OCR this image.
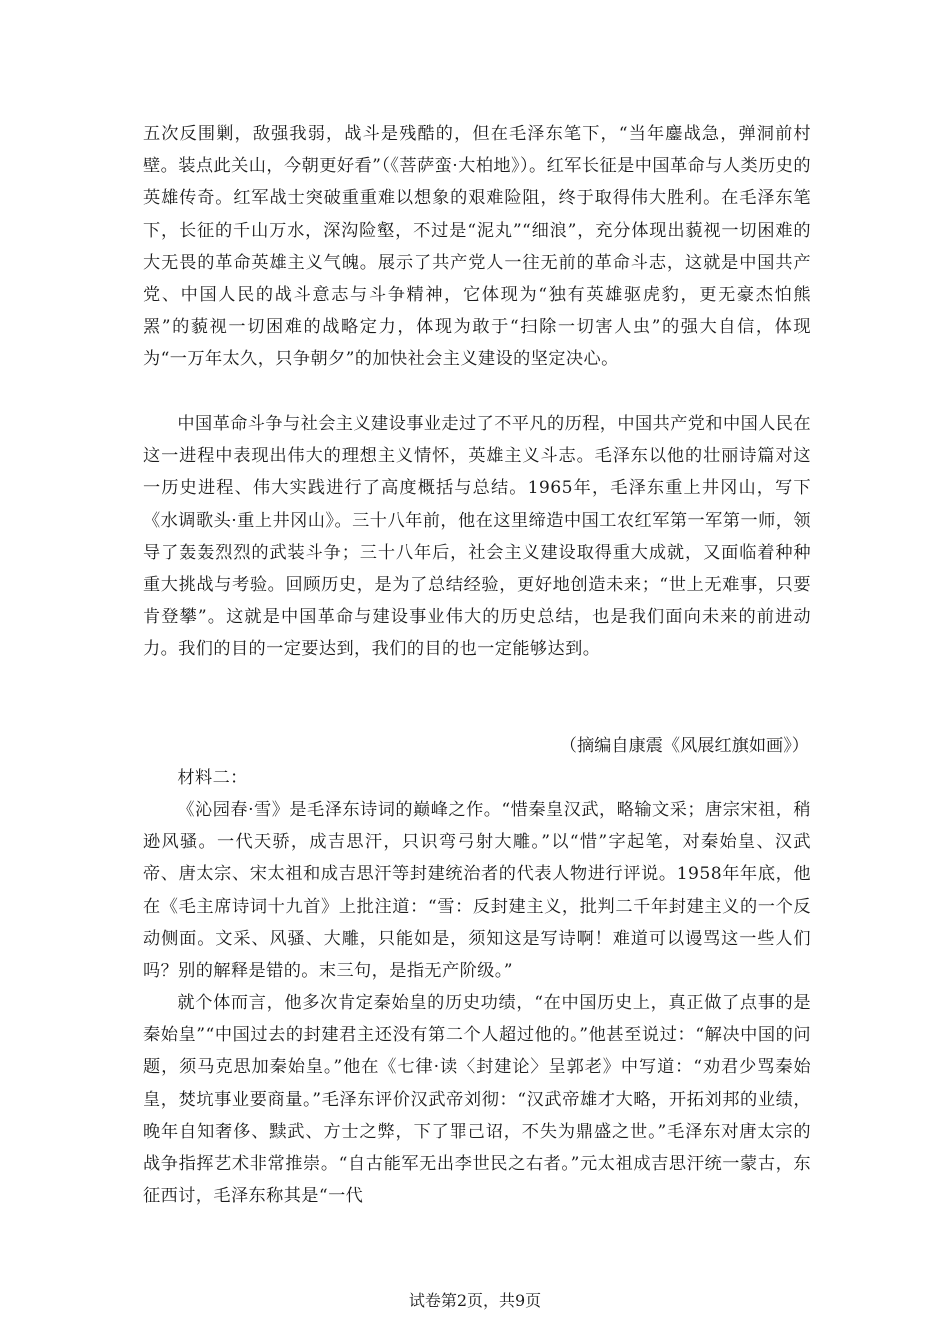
五次反围剿，敌强我弱，战斗是残酷的，但在毛泽东笔下，“当年鏖战急，弹洞前村壁。装点此关山，今朝更好看”（《菩萨蛮·大柏地》）。红军长征是中国革命与人类历史的英雄传奇。红军战士突破重重难以想象的艰难险阻，终于取得伟大胜利。在毛泽东笔下，长征的千山万水，深沟险壑，不过是“泥丸”“细浪”，充分体现出藐视一切困难的大无畏的革命英雄主义气魄。展示了共产党人一往无前的革命斗志，这就是中国共产党、中国人民的战斗意志与斗争精神，它体现为“独有英雄驱虎豹，更无豪杰怕熊罴”的藐视一切困难的战略定力，体现为敢于“扫除一切害人虫”的强大自信，体现为“一万年太久，只争朝夕”的加快社会主义建设的坚定决心。

中国革命斗争与社会主义建设事业走过了不平凡的历程，中国共产党和中国人民在这一进程中表现出伟大的理想主义情怀，英雄主义斗志。毛泽东以他的壮丽诗篇对这一历史进程、伟大实践进行了高度概括与总结。1965年，毛泽东重上井冈山，写下《水调歌头·重上井冈山》。三十八年前，他在这里缔造中国工农红军第一军第一师，领导了轰轰烈烈的武装斗争；三十八年后，社会主义建设取得重大成就，又面临着种种重大挑战与考验。回顾历史，是为了总结经验，更好地创造未来；“世上无难事，只要肯登攀”。这就是中国革命与建设事业伟大的历史总结，也是我们面向未来的前进动力。我们的目的一定要达到，我们的目的也一定能够达到。

（摘编自康震《风展红旗如画》）

材料二：

《沁园春·雪》是毛泽东诗词的巅峰之作。“惜秦皇汉武，略输文采；唐宗宋祖，稍逊风骚。一代天骄，成吉思汗，只识弯弓射大雕。”以“惜”字起笔，对秦始皇、汉武帝、唐太宗、宋太祖和成吉思汗等封建统治者的代表人物进行评说。1958年年底，他在《毛主席诗词十九首》上批注道：“雪：反封建主义，批判二千年封建主义的一个反动侧面。文采、风骚、大雕，只能如是，须知这是写诗啊！难道可以谩骂这一些人们吗？别的解释是错的。末三句，是指无产阶级。”

就个体而言，他多次肯定秦始皇的历史功绩，“在中国历史上，真正做了点事的是秦始皇”“中国过去的封建君主还没有第二个人超过他的。”他甚至说过：“解决中国的问题，须马克思加秦始皇。”他在《七律·读〈封建论〉呈郭老》中写道：“劝君少骂秦始皇，焚坑事业要商量。”毛泽东评价汉武帝刘彻：“汉武帝雄才大略，开拓刘邦的业绩，晚年自知奢侈、黩武、方士之弊，下了罪己诏，不失为鼎盛之世。”毛泽东对唐太宗的战争指挥艺术非常推崇。“自古能军无出李世民之右者。”元太祖成吉思汗统一蒙古，东征西讨，毛泽东称其是“一代

试卷第2页，共9页
